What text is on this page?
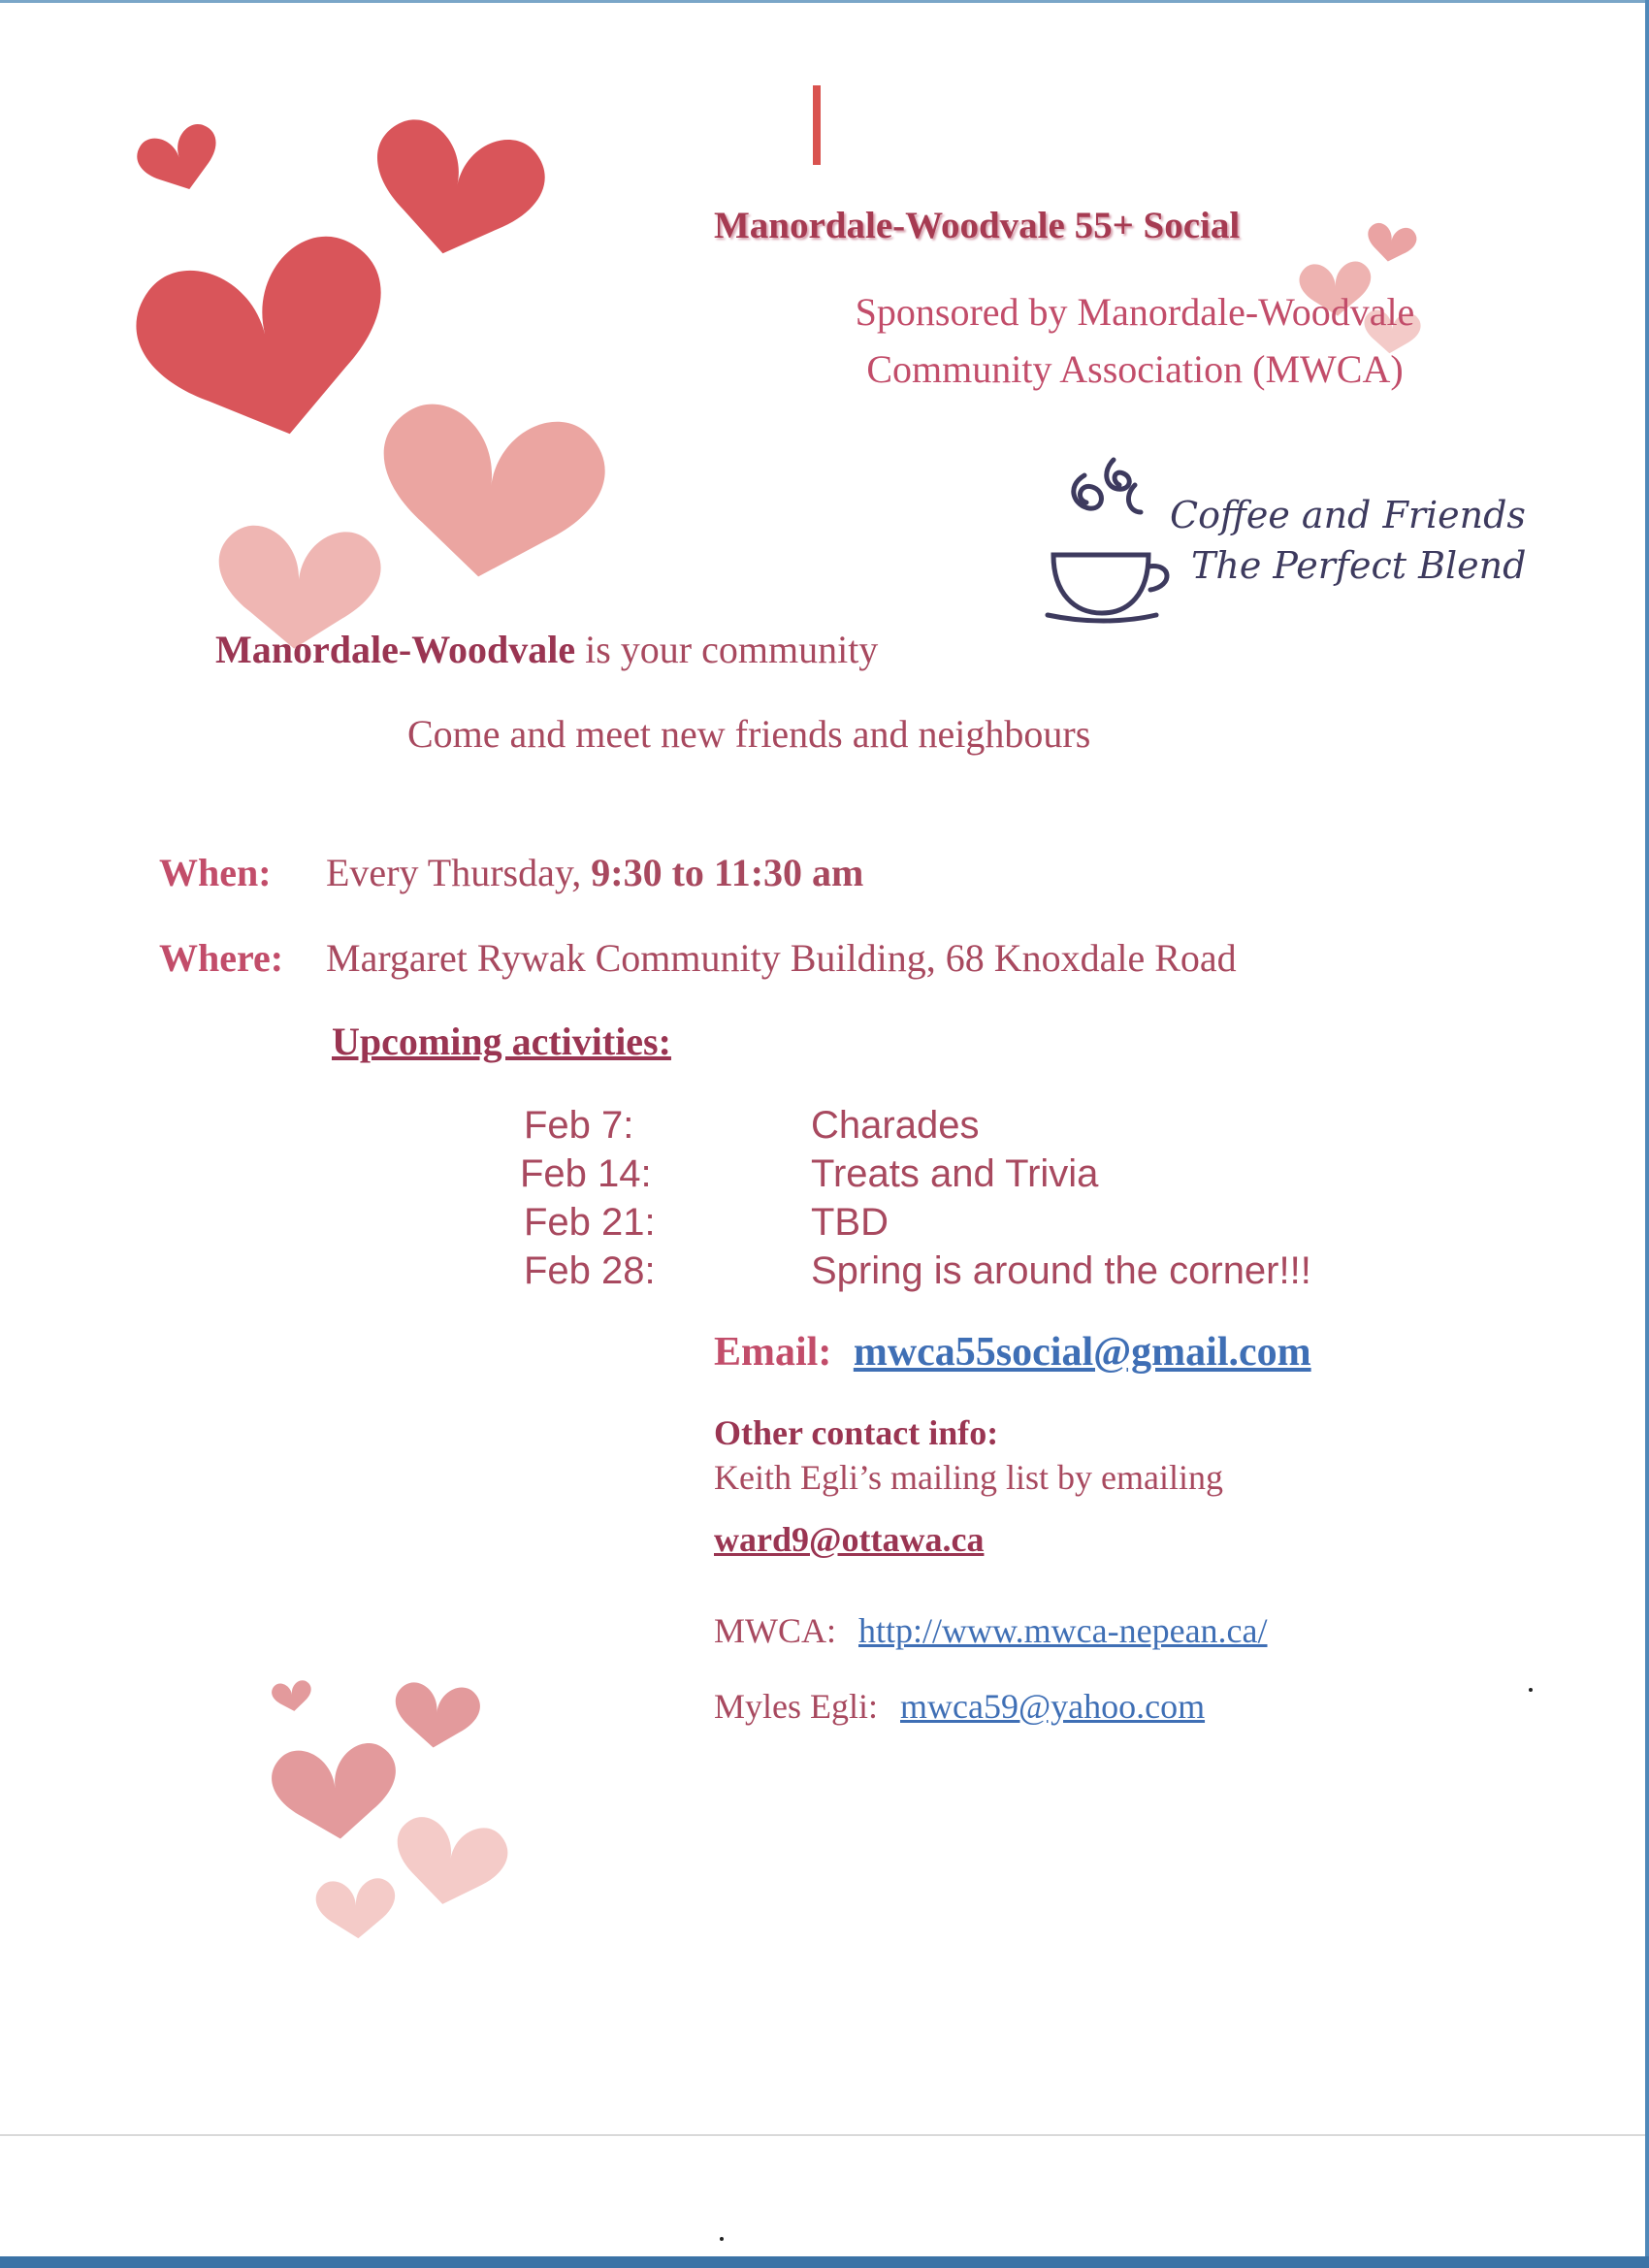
Manordale-Woodvale 55+ Social
Sponsored by Manordale-Woodvale
Community Association (MWCA)
Coffee and Friends
The Perfect Blend
Manordale-Woodvale is your community
Come and meet new friends and neighbours
When: Every Thursday, 9:30 to 11:30 am
Where: Margaret Rywak Community Building, 68 Knoxdale Road
Upcoming activities:
Feb 7:	Charades
Feb 14:	Treats and Trivia
Feb 21:	TBD
Feb 28:	Spring is around the corner!!!
Email: mwca55social@gmail.com
Other contact info:
Keith Egli’s mailing list by emailing
ward9@ottawa.ca
MWCA: http://www.mwca-nepean.ca/
Myles Egli: mwca59@yahoo.com
